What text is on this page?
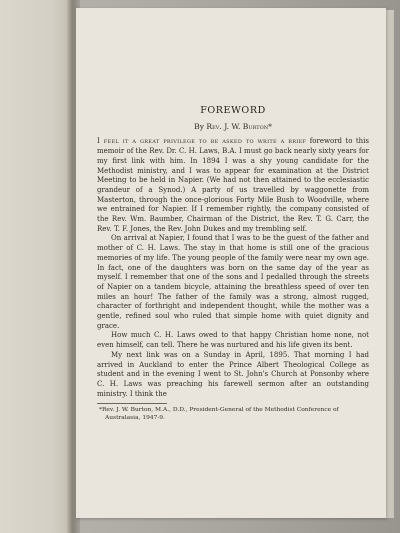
FOREWORD
By Rev. J. W. Burton*

I feel it a great privilege to be asked to write a brief foreword to this memoir of the Rev. Dr. C. H. Laws, B.A. I must go back nearly sixty years for my first link with him. In 1894 I was a shy young candidate for the Methodist ministry, and I was to appear for examination at the District Meeting to be held in Napier. (We had not then attained to the ecclesiastic grandeur of a Synod.) A party of us travelled by waggonette from Masterton, through the once-glorious Forty Mile Bush to Woodville, where we entrained for Napier. If I remember rightly, the company consisted of the Rev. Wm. Baumber, Chairman of the District, the Rev. T. G. Carr, the Rev. T. F. Jones, the Rev. John Dukes and my trembling self.

On arrival at Napier, I found that I was to be the guest of the father and mother of C. H. Laws. The stay in that home is still one of the gracious memories of my life. The young people of the family were near my own age. In fact, one of the daughters was born on the same day of the year as myself. I remember that one of the sons and I pedalled through the streets of Napier on a tandem bicycle, attaining the breathless speed of over ten miles an hour! The father of the family was a strong, almost rugged, character of forthright and independent thought, while the mother was a gentle, refined soul who ruled that simple home with quiet dignity and grace.

How much C. H. Laws owed to that happy Christian home none, not even himself, can tell. There he was nurtured and his life given its bent.

My next link was on a Sunday in April, 1895. That morning I had arrived in Auckland to enter the Prince Albert Theological College as student and in the evening I went to St. John's Church at Ponsonby where C. H. Laws was preaching his farewell sermon after an outstanding ministry. I think the

*Rev. J. W. Burton, M.A., D.D., President-General of the Methodist Conference of Australasia, 1947-9.
